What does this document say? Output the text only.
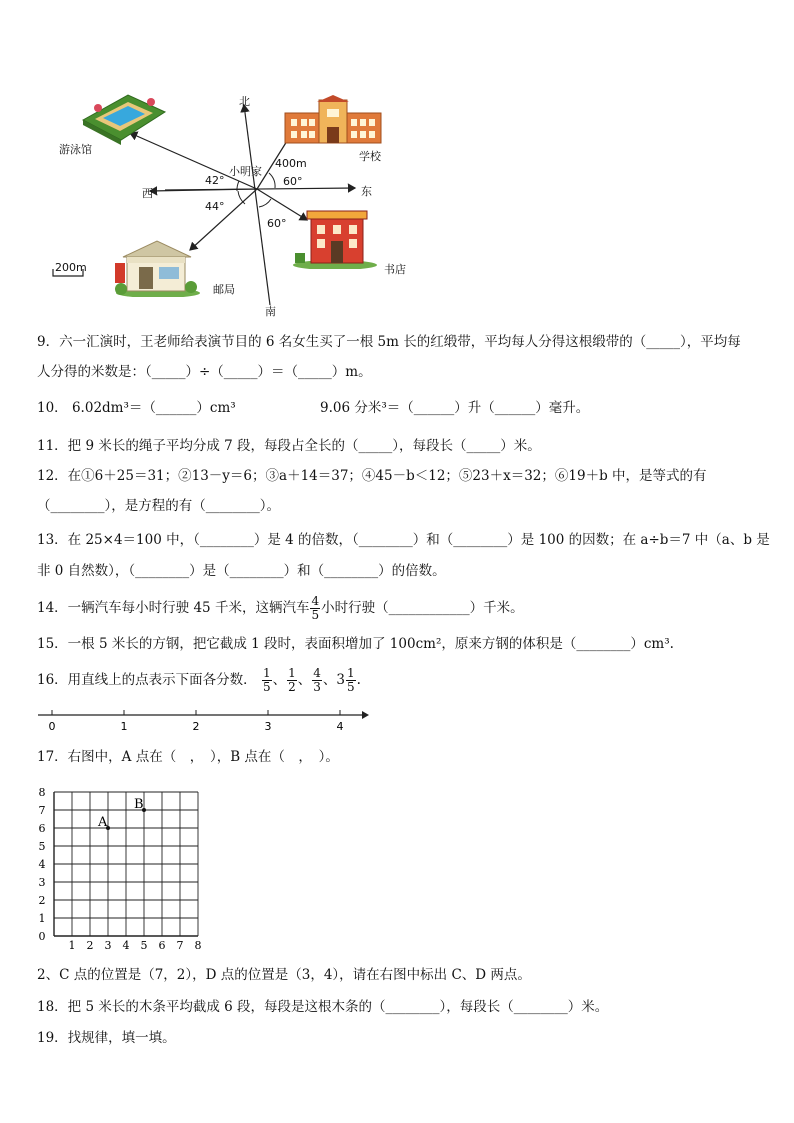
北
南
东
西
小明家
学校
游泳馆
邮局
书店
400m
200m
42°	60°
44°
60°
9．六一汇演时，王老师给表演节目的 6 名女生买了一根 5m 长的红缎带，平均每人分得这根缎带的（_____），平均每
人分得的米数是：（_____）÷（_____）＝（_____）m。
10． 6.02dm³＝（______）cm³	9.06 分米³＝（______）升（______）毫升。
11．把 9 米长的绳子平均分成 7 段，每段占全长的（_____），每段长（_____）米。
12．在①6＋25＝31；②13－y＝6；③a＋14＝37；④45－b＜12；⑤23＋x＝32；⑥19＋b 中，是等式的有
（________），是方程的有（________）。
13．在 25×4＝100 中，（________）是 4 的倍数，（________）和（________）是 100 的因数；在 a÷b＝7 中（a、b 是
非 0 自然数），（________）是（________）和（________）的倍数。
14．一辆汽车每小时行驶 45 千米，这辆汽车 $\frac{4}{5}$ 小时行驶（____________）千米。
15．一根 5 米长的方钢，把它截成 1 段时，表面积增加了 100cm²，原来方钢的体积是（________）cm³.
16．用直线上的点表示下面各分数． $\frac{1}{5}$ 、 $\frac{1}{2}$ 、 $\frac{4}{3}$ 、$3 \frac{1}{5}$ .
0	1	2	3	4
17．右图中，A 点在（　，　），B 点在（　，　）。
0
1
2
3
4
5
6
7
8
1 2 3 4 5 6 7 8
A
B
2、C 点的位置是（7，2），D 点的位置是（3，4），请在右图中标出 C、D 两点。
18．把 5 米长的木条平均截成 6 段，每段是这根木条的（________），每段长（________）米。
19．找规律，填一填。
